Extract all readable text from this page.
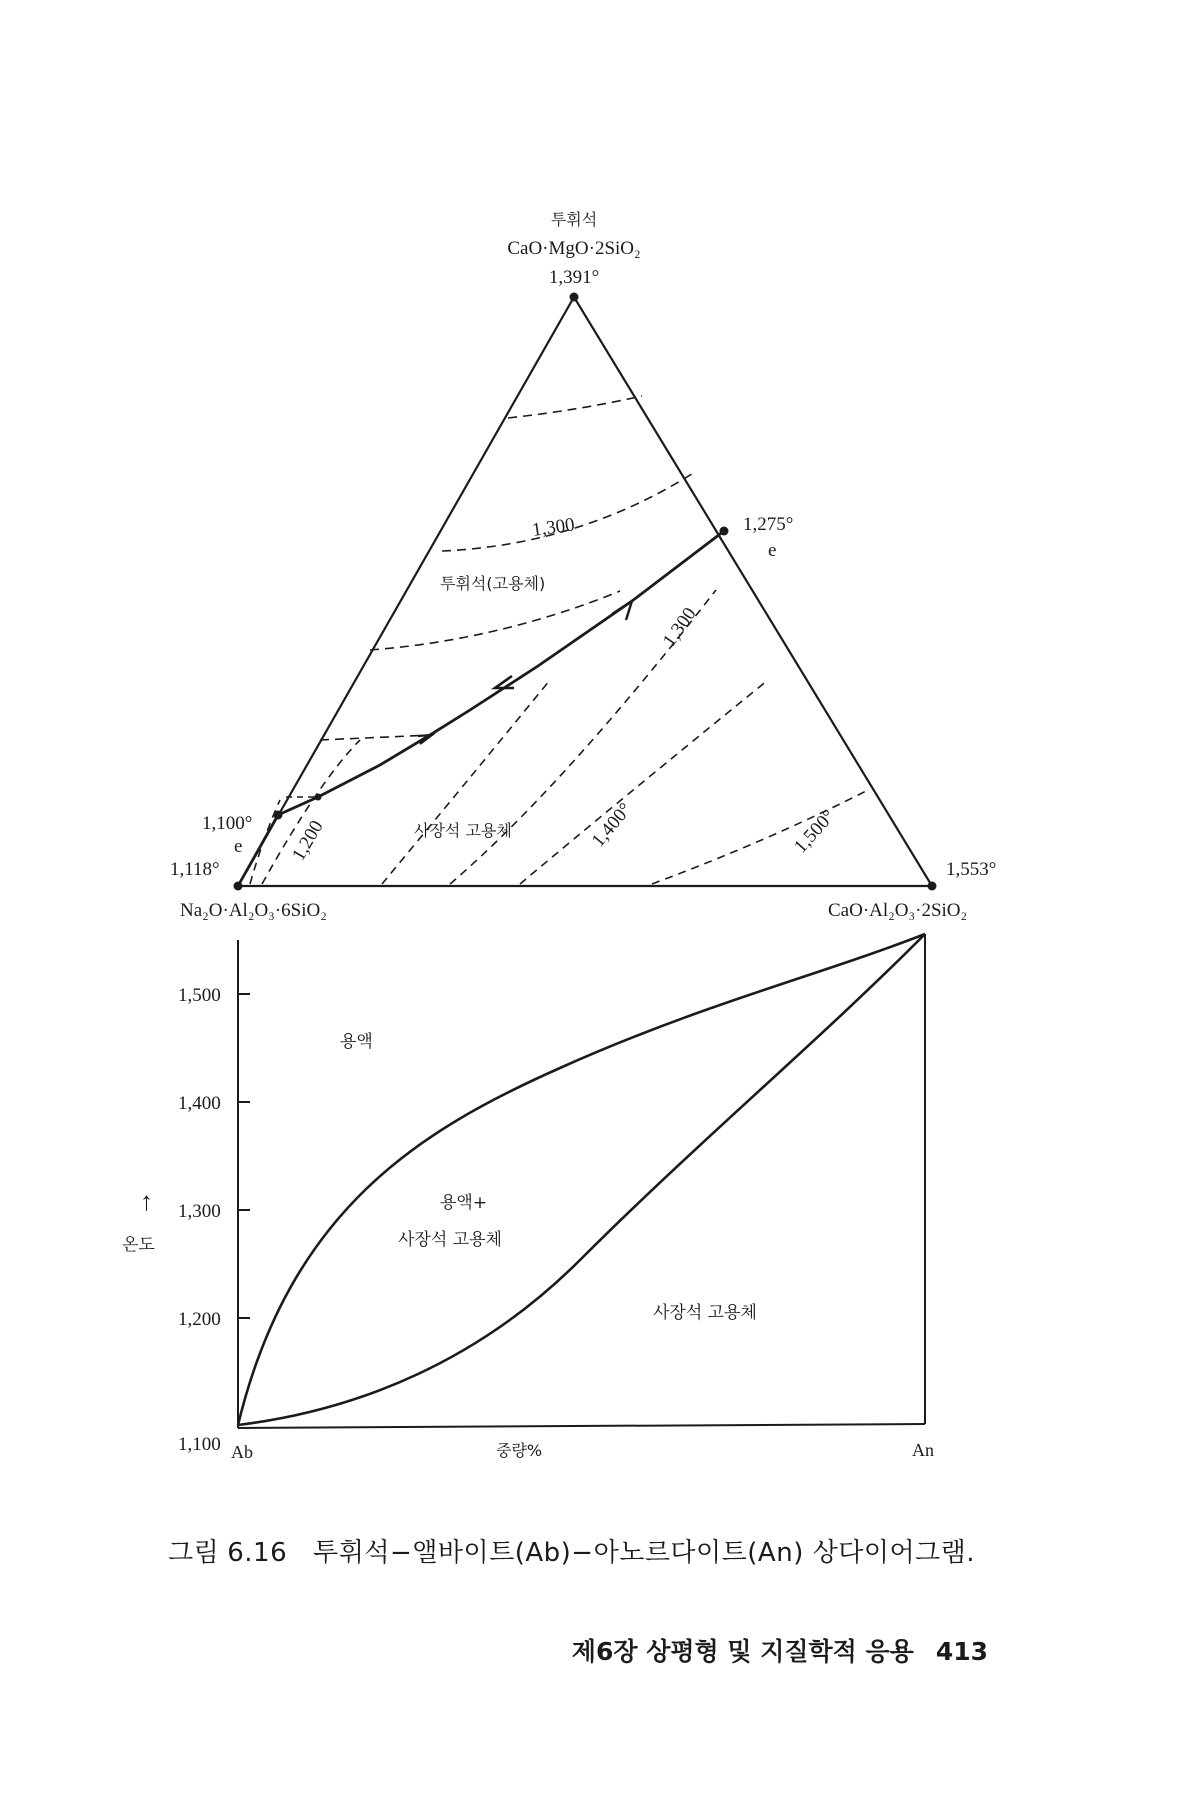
투휘석
CaO·MgO·2SiO₂
1,391°
1,275°
e
1,100°
e
1,118°
Na₂O·Al₂O₃·6SiO₂
1,553°
CaO·Al₂O₃·2SiO₂
투휘석(고용체)
사장석 고용체
1,300
1,300
1,200	1,400°	1,500°
1,500
1,400
1,300
1,200
1,100
↑
온도
Ab	An
중량%
용액
용액+
사장석 고용체
사장석 고용체
그림 6.16 투휘석−앨바이트(Ab)−아노르다이트(An) 상다이어그램.
제6장 상평형 및 지질학적 응용 413
